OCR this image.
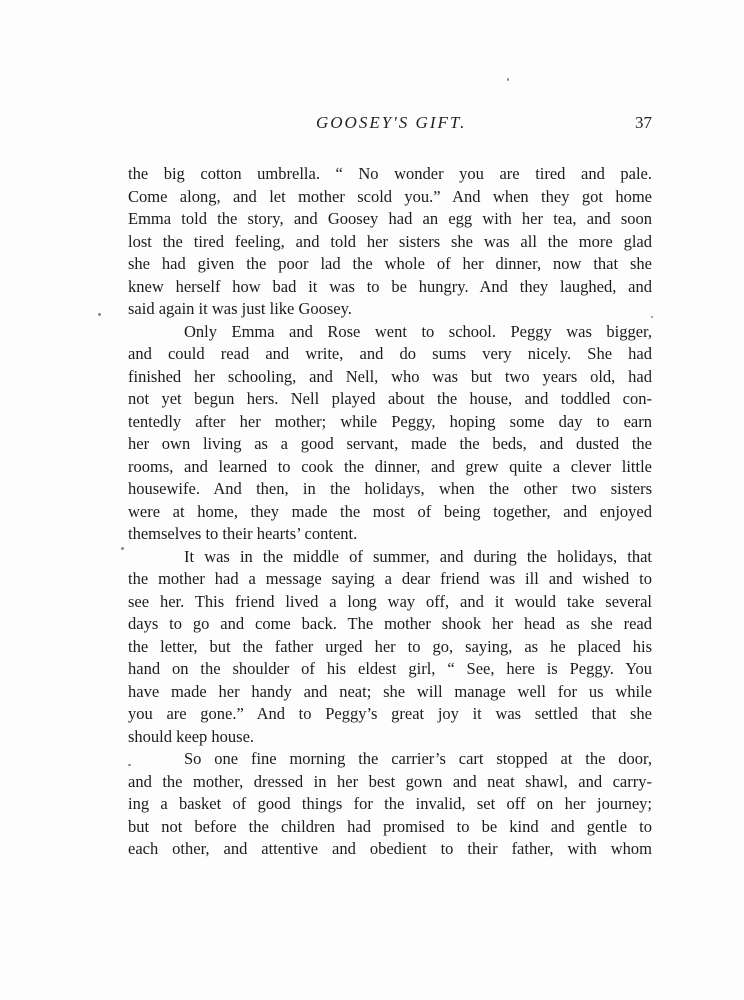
GOOSEY'S GIFT.	37
the big cotton umbrella. “ No wonder you are tired and pale.
Come along, and let mother scold you.” And when they got home
Emma told the story, and Goosey had an egg with her tea, and soon
lost the tired feeling, and told her sisters she was all the more glad
she had given the poor lad the whole of her dinner, now that she
knew herself how bad it was to be hungry. And they laughed, and
said again it was just like Goosey.
Only Emma and Rose went to school. Peggy was bigger,
and could read and write, and do sums very nicely. She had
finished her schooling, and Nell, who was but two years old, had
not yet begun hers. Nell played about the house, and toddled con-
tentedly after her mother; while Peggy, hoping some day to earn
her own living as a good servant, made the beds, and dusted the
rooms, and learned to cook the dinner, and grew quite a clever little
housewife. And then, in the holidays, when the other two sisters
were at home, they made the most of being together, and enjoyed
themselves to their hearts’ content.
It was in the middle of summer, and during the holidays, that
the mother had a message saying a dear friend was ill and wished to
see her. This friend lived a long way off, and it would take several
days to go and come back. The mother shook her head as she read
the letter, but the father urged her to go, saying, as he placed his
hand on the shoulder of his eldest girl, “ See, here is Peggy. You
have made her handy and neat; she will manage well for us while
you are gone.” And to Peggy’s great joy it was settled that she
should keep house.
So one fine morning the carrier’s cart stopped at the door,
and the mother, dressed in her best gown and neat shawl, and carry-
ing a basket of good things for the invalid, set off on her journey;
but not before the children had promised to be kind and gentle to
each other, and attentive and obedient to their father, with whom
